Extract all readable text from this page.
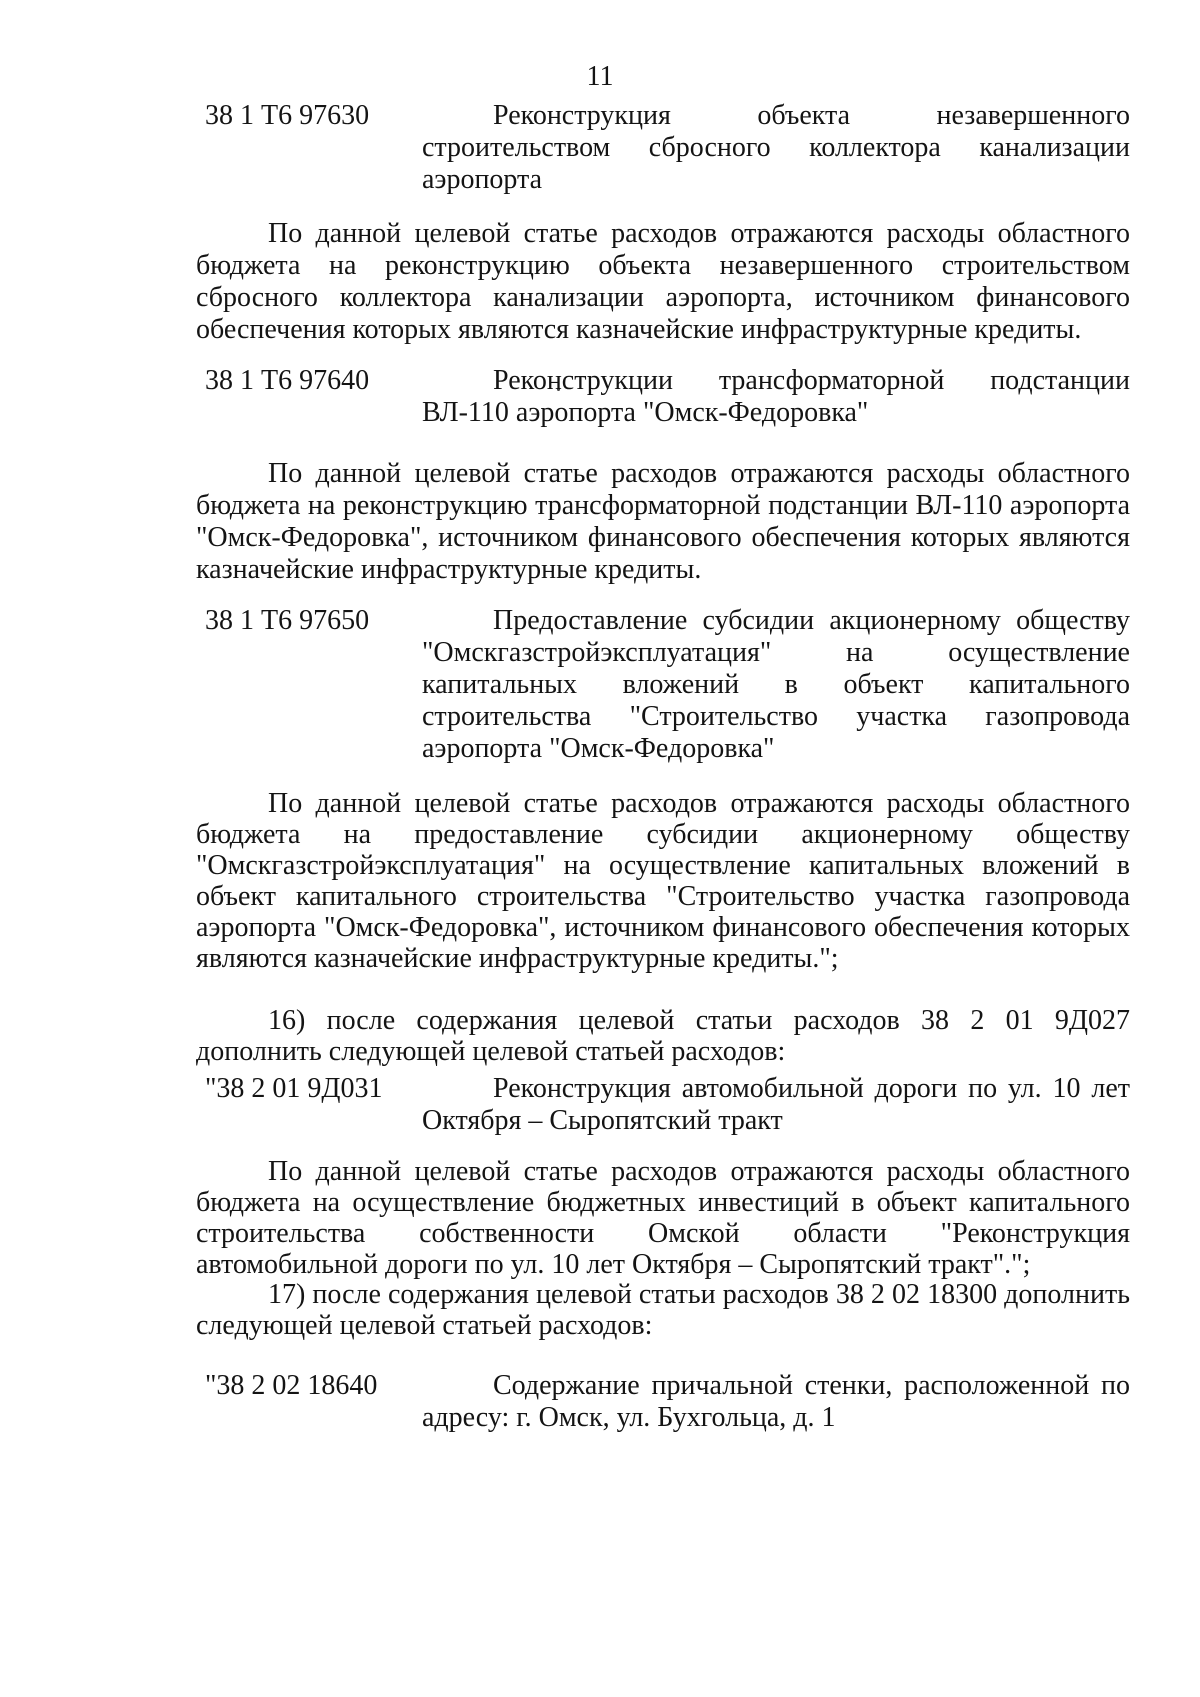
11
38 1 Т6 97630	Реконструкция объекта незавершенного строительством сбросного коллектора канализации аэропорта
По данной целевой статье расходов отражаются расходы областного бюджета на реконструкцию объекта незавершенного строительством сбросного коллектора канализации аэропорта, источником финансового обеспечения которых являются казначейские инфраструктурные кредиты.
38 1 Т6 97640	Реконструкции трансформаторной подстанции ВЛ-110 аэропорта "Омск-Федоровка"
По данной целевой статье расходов отражаются расходы областного бюджета на реконструкцию трансформаторной подстанции ВЛ-110 аэропорта "Омск-Федоровка", источником финансового обеспечения которых являются казначейские инфраструктурные кредиты.
38 1 Т6 97650	Предоставление субсидии акционерному обществу "Омскгазстройэксплуатация" на осуществление капитальных вложений в объект капитального строительства "Строительство участка газопровода аэропорта "Омск-Федоровка"
По данной целевой статье расходов отражаются расходы областного бюджета на предоставление субсидии акционерному обществу "Омскгазстройэксплуатация" на осуществление капитальных вложений в объект капитального строительства "Строительство участка газопровода аэропорта "Омск-Федоровка", источником финансового обеспечения которых являются казначейские инфраструктурные кредиты.";
16) после содержания целевой статьи расходов 38 2 01 9Д027 дополнить следующей целевой статьей расходов:
"38 2 01 9Д031	Реконструкция автомобильной дороги по ул. 10 лет Октября – Сыропятский тракт
По данной целевой статье расходов отражаются расходы областного бюджета на осуществление бюджетных инвестиций в объект капитального строительства собственности Омской области "Реконструкция автомобильной дороги по ул. 10 лет Октября – Сыропятский тракт".";
17) после содержания целевой статьи расходов 38 2 02 18300 дополнить следующей целевой статьей расходов:
"38 2 02 18640	Содержание причальной стенки, расположенной по адресу: г. Омск, ул. Бухгольца, д. 1
